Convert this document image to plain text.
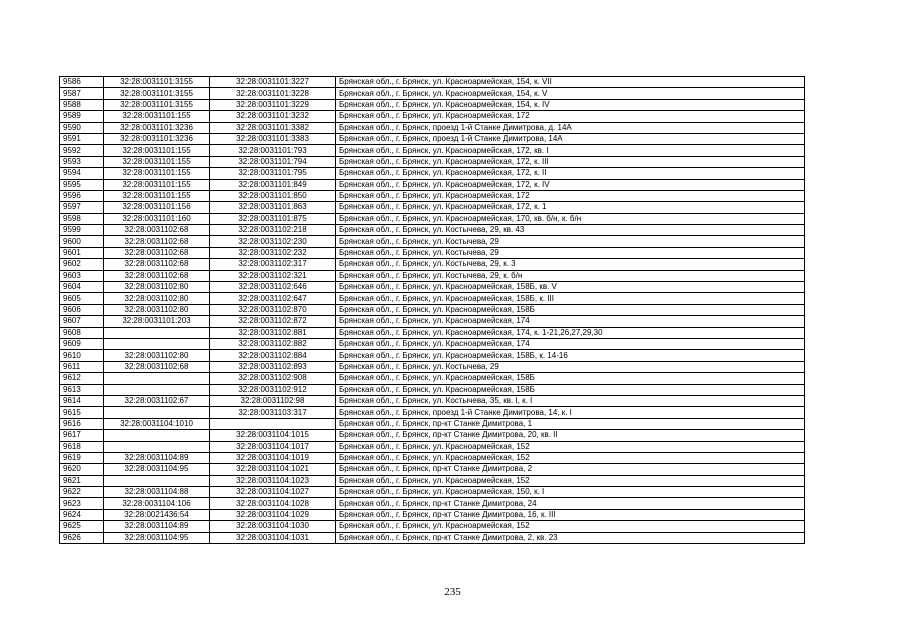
9586	32:28:0031101:3155	32:28:0031101:3227	Брянская обл., г. Брянск, ул. Красноармейская, 154, к. VII
9587	32:28:0031101:3155	32:28:0031101:3228	Брянская обл., г. Брянск, ул. Красноармейская, 154, к. V
9588	32:28:0031101:3155	32:28:0031101:3229	Брянская обл., г. Брянск, ул. Красноармейская, 154, к. IV
9589	32:28:0031101:155	32:28:0031101:3232	Брянская обл., г. Брянск, ул. Красноармейская, 172
9590	32:28:0031101:3236	32:28:0031101:3382	Брянская обл., г. Брянск, проезд 1-й Станке Димитрова, д. 14А
9591	32:28:0031101:3236	32:28:0031101:3383	Брянская обл., г. Брянск, проезд 1-й Станке Димитрова, 14А
9592	32:28:0031101:155	32:28:0031101:793	Брянская обл., г. Брянск, ул. Красноармейская, 172, кв. I
9593	32:28:0031101:155	32:28:0031101:794	Брянская обл., г. Брянск, ул. Красноармейская, 172, к. III
9594	32:28:0031101:155	32:28:0031101:795	Брянская обл., г. Брянск, ул. Красноармейская, 172, к. II
9595	32:28:0031101:155	32:28:0031101:849	Брянская обл., г. Брянск, ул. Красноармейская, 172, к. IV
9596	32:28:0031101:155	32:28:0031101:850	Брянская обл., г. Брянск, ул. Красноармейская, 172
9597	32:28:0031101:156	32:28:0031101:863	Брянская обл., г. Брянск, ул. Красноармейская, 172, к. 1
9598	32:28:0031101:160	32:28:0031101:875	Брянская обл., г. Брянск, ул. Красноармейская, 170, кв. б/н, к. б/н
9599	32:28:0031102:68	32:28:0031102:218	Брянская обл., г. Брянск, ул. Костычева, 29, кв. 43
9600	32:28:0031102:68	32:28:0031102:230	Брянская обл., г. Брянск, ул. Костычева, 29
9601	32:28:0031102:68	32:28:0031102:232	Брянская обл., г. Брянск, ул. Костычева, 29
9602	32:28:0031102:68	32:28:0031102:317	Брянская обл., г. Брянск, ул. Костычева, 29, к. 3
9603	32:28:0031102:68	32:28:0031102:321	Брянская обл., г. Брянск, ул. Костычева, 29, к. б/н
9604	32:28:0031102:80	32:28:0031102:646	Брянская обл., г. Брянск, ул. Красноармейская, 158Б, кв. V
9605	32:28:0031102:80	32:28:0031102:647	Брянская обл., г. Брянск, ул. Красноармейская, 158Б, к. III
9606	32:28:0031102:80	32:28:0031102:870	Брянская обл., г. Брянск, ул. Красноармейская, 158Б
9607	32:28:0031101:203	32:28:0031102:872	Брянская обл., г. Брянск, ул. Красноармейская, 174
9608		32:28:0031102:881	Брянская обл., г. Брянск, ул. Красноармейская, 174, к. 1-21,26,27,29,30
9609		32:28:0031102:882	Брянская обл., г. Брянск, ул. Красноармейская, 174
9610	32:28:0031102:80	32:28:0031102:884	Брянская обл., г. Брянск, ул. Красноармейская, 158Б, к. 14-16
9611	32:28:0031102:68	32:28:0031102:893	Брянская обл., г. Брянск, ул. Костычева, 29
9612		32:28:0031102:908	Брянская обл., г. Брянск, ул. Красноармейская, 158Б
9613		32:28:0031102:912	Брянская обл., г. Брянск, ул. Красноармейская, 158Б
9614	32:28:0031102:67	32:28:0031102:98	Брянская обл., г. Брянск, ул. Костычева, 35, кв. I, к. I
9615		32:28:0031103:317	Брянская обл., г. Брянск, проезд 1-й Станке Димитрова, 14, к. I
9616	32:28:0031104:1010		Брянская обл., г. Брянск, пр-кт Станке Димитрова, 1
9617		32:28:0031104:1015	Брянская обл., г. Брянск, пр-кт Станке Димитрова, 20, кв. II
9618		32:28:0031104:1017	Брянская обл., г. Брянск, ул. Красноармейская, 152
9619	32:28:0031104:89	32:28:0031104:1019	Брянская обл., г. Брянск, ул. Красноармейская, 152
9620	32:28:0031104:95	32:28:0031104:1021	Брянская обл., г. Брянск, пр-кт Станке Димитрова, 2
9621		32:28:0031104:1023	Брянская обл., г. Брянск, ул. Красноармейская, 152
9622	32:28:0031104:88	32:28:0031104:1027	Брянская обл., г. Брянск, ул. Красноармейская, 150, к. I
9623	32:28:0031104:106	32:28:0031104:1028	Брянская обл., г. Брянск, пр-кт Станке Димитрова, 24
9624	32:28:0021436:54	32:28:0031104:1029	Брянская обл., г. Брянск, пр-кт Станке Димитрова, 16, к. III
9625	32:28:0031104:89	32:28:0031104:1030	Брянская обл., г. Брянск, ул. Красноармейская, 152
9626	32:28:0031104:95	32:28:0031104:1031	Брянская обл., г. Брянск, пр-кт Станке Димитрова, 2, кв. 23
235
